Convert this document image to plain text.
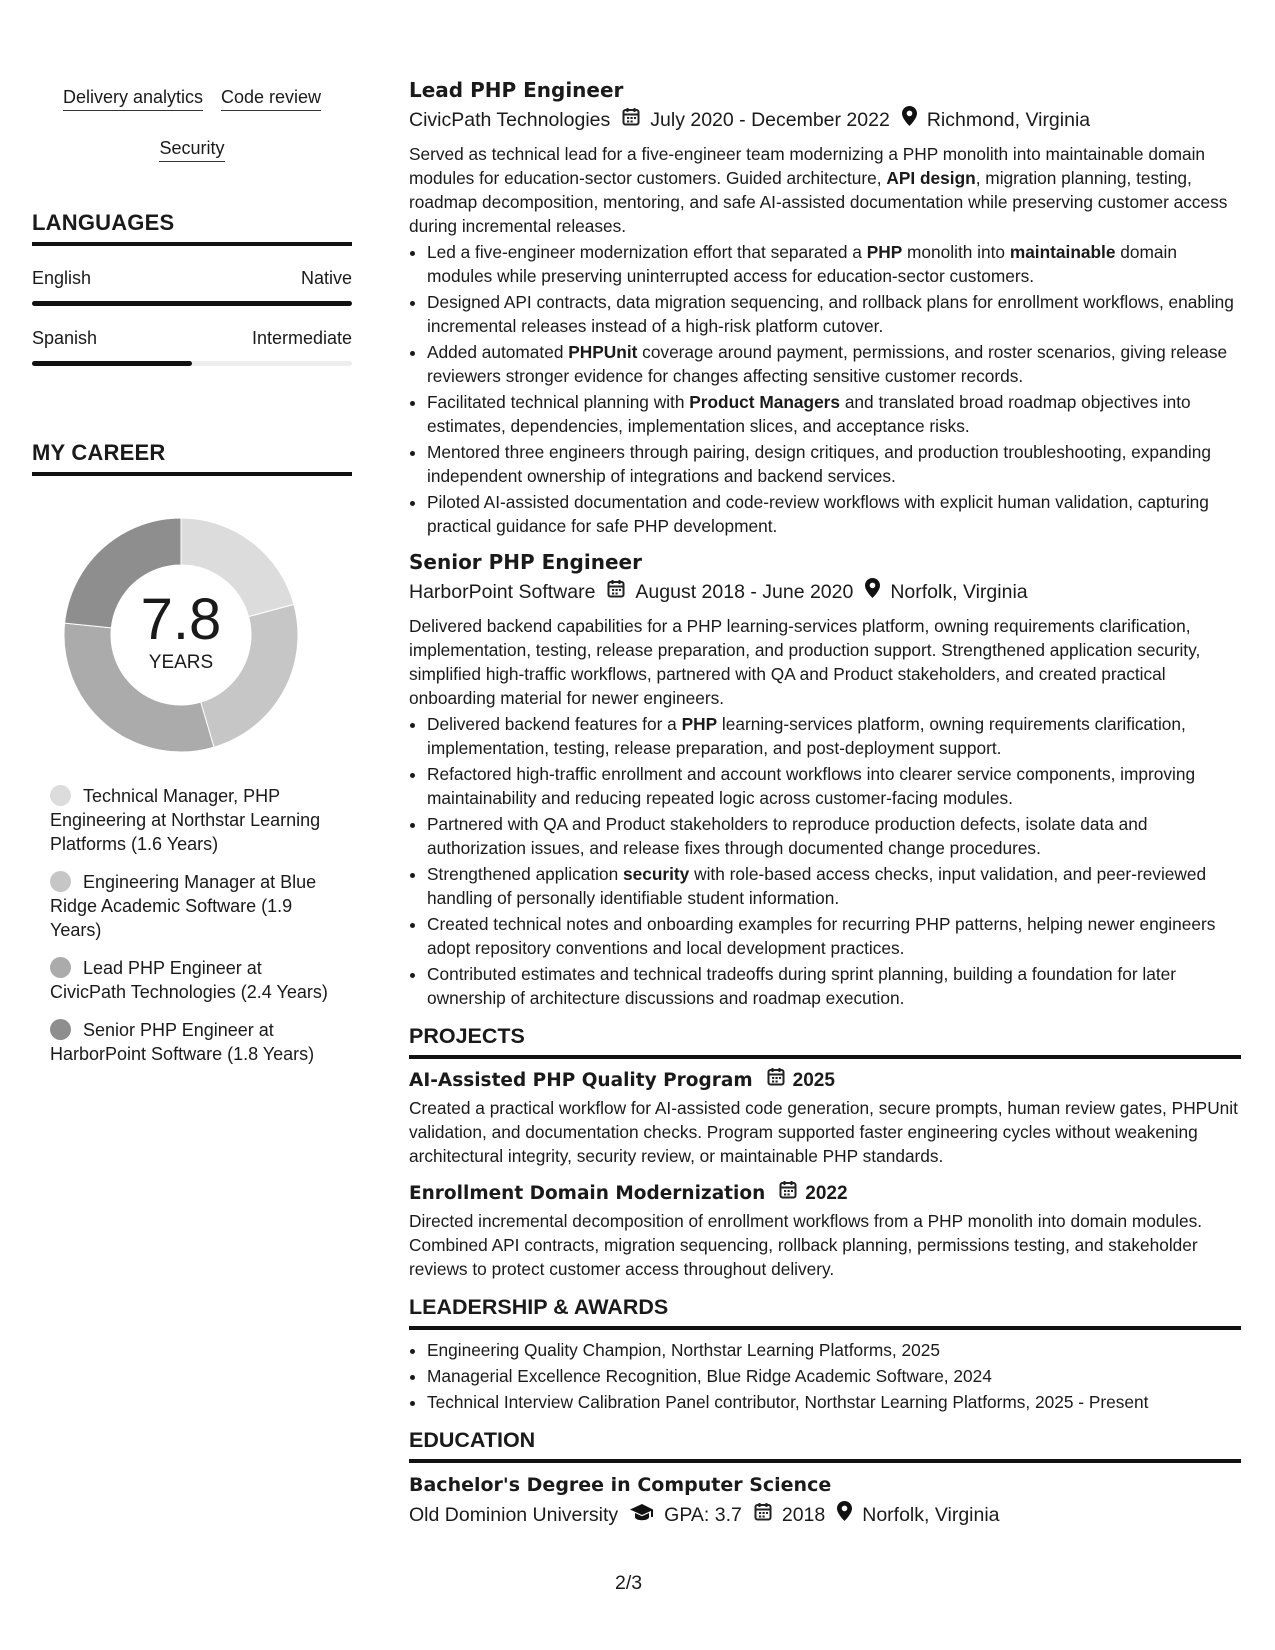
Delivery analytics Code review
Security
LANGUAGES
English	Native
Spanish	Intermediate
MY CAREER
7.8
YEARS
Technical Manager, PHP Engineering at Northstar Learning Platforms (1.6 Years)
Engineering Manager at Blue Ridge Academic Software (1.9 Years)
Lead PHP Engineer at CivicPath Technologies (2.4 Years)
Senior PHP Engineer at HarborPoint Software (1.8 Years)
Lead PHP Engineer
CivicPath Technologies July 2020 - December 2022 Richmond, Virginia

Served as technical lead for a five-engineer team modernizing a PHP monolith into maintainable domain modules for education-sector customers. Guided architecture, API design, migration planning, testing, roadmap decomposition, mentoring, and safe AI-assisted documentation while preserving customer access during incremental releases.

• Led a five-engineer modernization effort that separated a PHP monolith into maintainable domain modules while preserving uninterrupted access for education-sector customers.
• Designed API contracts, data migration sequencing, and rollback plans for enrollment workflows, enabling incremental releases instead of a high-risk platform cutover.
• Added automated PHPUnit coverage around payment, permissions, and roster scenarios, giving release reviewers stronger evidence for changes affecting sensitive customer records.
• Facilitated technical planning with Product Managers and translated broad roadmap objectives into estimates, dependencies, implementation slices, and acceptance risks.
• Mentored three engineers through pairing, design critiques, and production troubleshooting, expanding independent ownership of integrations and backend services.
• Piloted AI-assisted documentation and code-review workflows with explicit human validation, capturing practical guidance for safe PHP development.
Senior PHP Engineer
HarborPoint Software August 2018 - June 2020 Norfolk, Virginia

Delivered backend capabilities for a PHP learning-services platform, owning requirements clarification, implementation, testing, release preparation, and production support. Strengthened application security, simplified high-traffic workflows, partnered with QA and Product stakeholders, and created practical onboarding material for newer engineers.

• Delivered backend features for a PHP learning-services platform, owning requirements clarification, implementation, testing, release preparation, and post-deployment support.
• Refactored high-traffic enrollment and account workflows into clearer service components, improving maintainability and reducing repeated logic across customer-facing modules.
• Partnered with QA and Product stakeholders to reproduce production defects, isolate data and authorization issues, and release fixes through documented change procedures.
• Strengthened application security with role-based access checks, input validation, and peer-reviewed handling of personally identifiable student information.
• Created technical notes and onboarding examples for recurring PHP patterns, helping newer engineers adopt repository conventions and local development practices.
• Contributed estimates and technical tradeoffs during sprint planning, building a foundation for later ownership of architecture discussions and roadmap execution.
PROJECTS
AI-Assisted PHP Quality Program 2025

Created a practical workflow for AI-assisted code generation, secure prompts, human review gates, PHPUnit validation, and documentation checks. Program supported faster engineering cycles without weakening architectural integrity, security review, or maintainable PHP standards.

Enrollment Domain Modernization 2022

Directed incremental decomposition of enrollment workflows from a PHP monolith into domain modules. Combined API contracts, migration sequencing, rollback planning, permissions testing, and stakeholder reviews to protect customer access throughout delivery.

LEADERSHIP & AWARDS
• Engineering Quality Champion, Northstar Learning Platforms, 2025
• Managerial Excellence Recognition, Blue Ridge Academic Software, 2024
• Technical Interview Calibration Panel contributor, Northstar Learning Platforms, 2025 - Present
EDUCATION
Bachelor's Degree in Computer Science
Old Dominion University GPA: 3.7 2018 Norfolk, Virginia
2/3
